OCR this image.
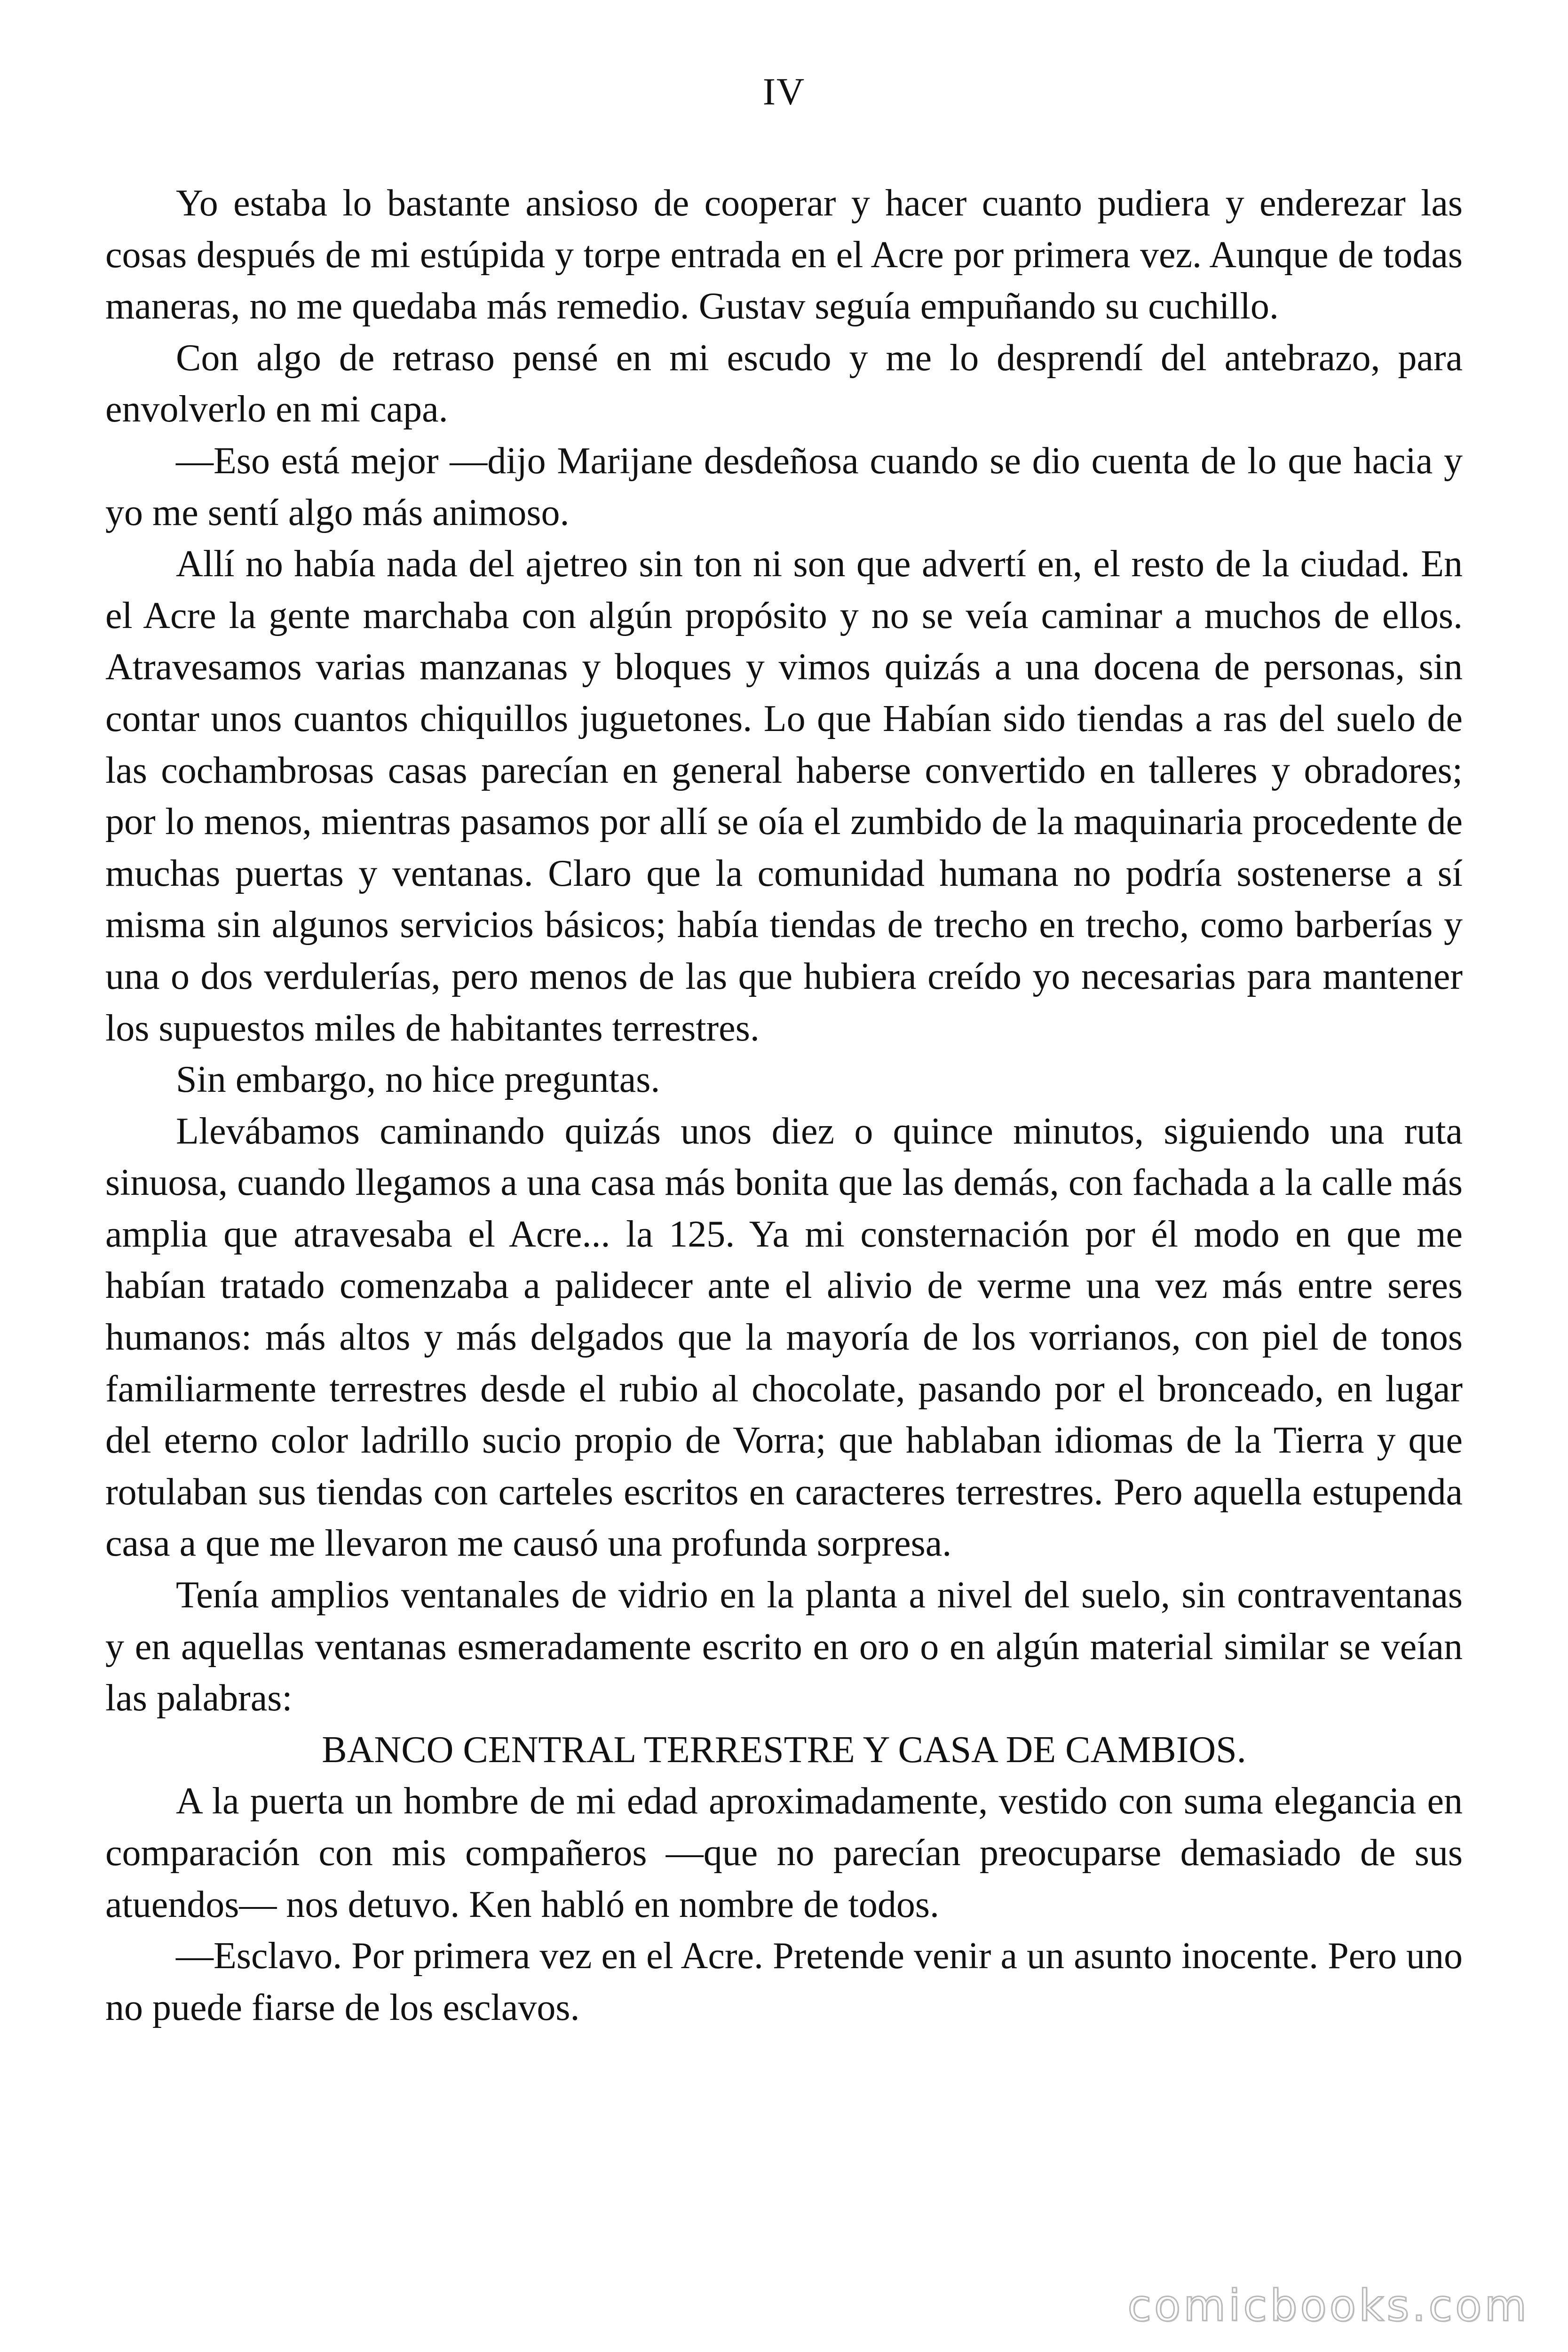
IV

Yo estaba lo bastante ansioso de cooperar y hacer cuanto pudiera y enderezar las cosas después de mi estúpida y torpe entrada en el Acre por primera vez. Aunque de todas maneras, no me quedaba más remedio. Gustav seguía empuñando su cuchillo.

Con algo de retraso pensé en mi escudo y me lo desprendí del antebrazo, para envolverlo en mi capa.

—Eso está mejor —dijo Marijane desdeñosa cuando se dio cuenta de lo que hacia y yo me sentí algo más animoso.

Allí no había nada del ajetreo sin ton ni son que advertí en, el resto de la ciudad. En el Acre la gente marchaba con algún propósito y no se veía caminar a muchos de ellos. Atravesamos varias manzanas y bloques y vimos quizás a una docena de personas, sin contar unos cuantos chiquillos juguetones. Lo que Habían sido tiendas a ras del suelo de las cochambrosas casas parecían en general haberse convertido en talleres y obradores; por lo menos, mientras pasamos por allí se oía el zumbido de la maquinaria procedente de muchas puertas y ventanas. Claro que la comunidad humana no podría sostenerse a sí misma sin algunos servicios básicos; había tiendas de trecho en trecho, como barberías y una o dos verdulerías, pero menos de las que hubiera creído yo necesarias para mantener los supuestos miles de habitantes terrestres.

Sin embargo, no hice preguntas.

Llevábamos caminando quizás unos diez o quince minutos, siguiendo una ruta sinuosa, cuando llegamos a una casa más bonita que las demás, con fachada a la calle más amplia que atravesaba el Acre... la 125. Ya mi consternación por él modo en que me habían tratado comenzaba a palidecer ante el alivio de verme una vez más entre seres humanos: más altos y más delgados que la mayoría de los vorrianos, con piel de tonos familiarmente terrestres desde el rubio al chocolate, pasando por el bronceado, en lugar del eterno color ladrillo sucio propio de Vorra; que hablaban idiomas de la Tierra y que rotulaban sus tiendas con carteles escritos en caracteres terrestres. Pero aquella estupenda casa a que me llevaron me causó una profunda sorpresa.

Tenía amplios ventanales de vidrio en la planta a nivel del suelo, sin contraventanas y en aquellas ventanas esmeradamente escrito en oro o en algún material similar se veían las palabras:

BANCO CENTRAL TERRESTRE Y CASA DE CAMBIOS.

A la puerta un hombre de mi edad aproximadamente, vestido con suma elegancia en comparación con mis compañeros —que no parecían preocuparse demasiado de sus atuendos— nos detuvo. Ken habló en nombre de todos.

—Esclavo. Por primera vez en el Acre. Pretende venir a un asunto inocente. Pero uno no puede fiarse de los esclavos.

comicbooks.com
